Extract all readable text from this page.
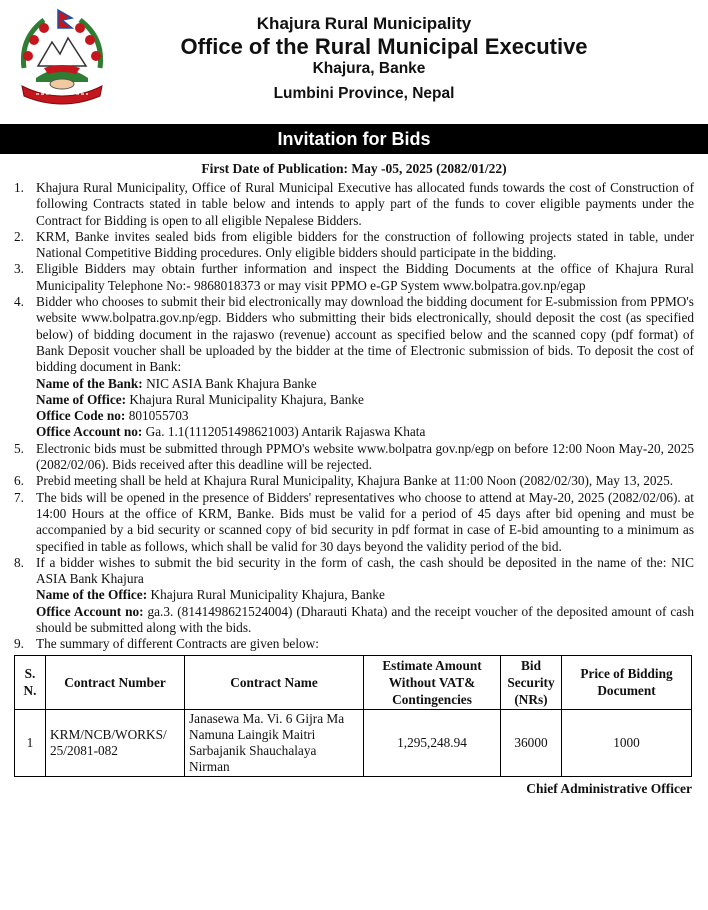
Khajura Rural Municipality

Office of the Rural Municipal Executive

Khajura, Banke

Lumbini Province, Nepal

Invitation for Bids
First Date of Publication: May -05, 2025 (2082/01/22)
1. Khajura Rural Municipality, Office of Rural Municipal Executive has allocated funds towards the cost of Construction of following Contracts stated in table below and intends to apply part of the funds to cover eligible payments under the Contract for Bidding is open to all eligible Nepalese Bidders.
2. KRM, Banke invites sealed bids from eligible bidders for the construction of following projects stated in table, under National Competitive Bidding procedures. Only eligible bidders should participate in the bidding.
3. Eligible Bidders may obtain further information and inspect the Bidding Documents at the office of Khajura Rural Municipality Telephone No:- 9868018373 or may visit PPMO e-GP System www.bolpatra.gov.np/egap
4. Bidder who chooses to submit their bid electronically may download the bidding document for E-submission from PPMO's website www.bolpatra.gov.np/egp. Bidders who submitting their bids electronically, should deposit the cost (as specified below) of bidding document in the rajaswo (revenue) account as specified below and the scanned copy (pdf format) of Bank Deposit voucher shall be uploaded by the bidder at the time of Electronic submission of bids. To deposit the cost of bidding document in Bank:
Name of the Bank: NIC ASIA Bank Khajura Banke
Name of Office: Khajura Rural Municipality Khajura, Banke
Office Code no: 801055703
Office Account no: Ga. 1.1(1112051498621003) Antarik Rajaswa Khata
5. Electronic bids must be submitted through PPMO's website www.bolpatra gov.np/egp on before 12:00 Noon May-20, 2025 (2082/02/06). Bids received after this deadline will be rejected.
6. Prebid meeting shall be held at Khajura Rural Municipality, Khajura Banke at 11:00 Noon (2082/02/30), May 13, 2025.
7. The bids will be opened in the presence of Bidders' representatives who choose to attend at May-20, 2025 (2082/02/06). at 14:00 Hours at the office of KRM, Banke. Bids must be valid for a period of 45 days after bid opening and must be accompanied by a bid security or scanned copy of bid security in pdf format in case of E-bid amounting to a minimum as specified in table as follows, which shall be valid for 30 days beyond the validity period of the bid.
8. If a bidder wishes to submit the bid security in the form of cash, the cash should be deposited in the name of the: NIC ASIA Bank Khajura
Name of the Office: Khajura Rural Municipality Khajura, Banke
Office Account no: ga.3. (8141498621524004) (Dharauti Khata) and the receipt voucher of the deposited amount of cash should be submitted along with the bids.
9. The summary of different Contracts are given below:
S. N.	Contract Number	Contract Name	Estimate Amount Without VAT& Contingencies	Bid Security (NRs)	Price of Bidding Document
1	KRM/NCB/WORKS/ 25/2081-082	Janasewa Ma. Vi. 6 Gijra Ma Namuna Laingik Maitri Sarbajanik Shauchalaya Nirman	1,295,248.94	36000	1000
Chief Administrative Officer
